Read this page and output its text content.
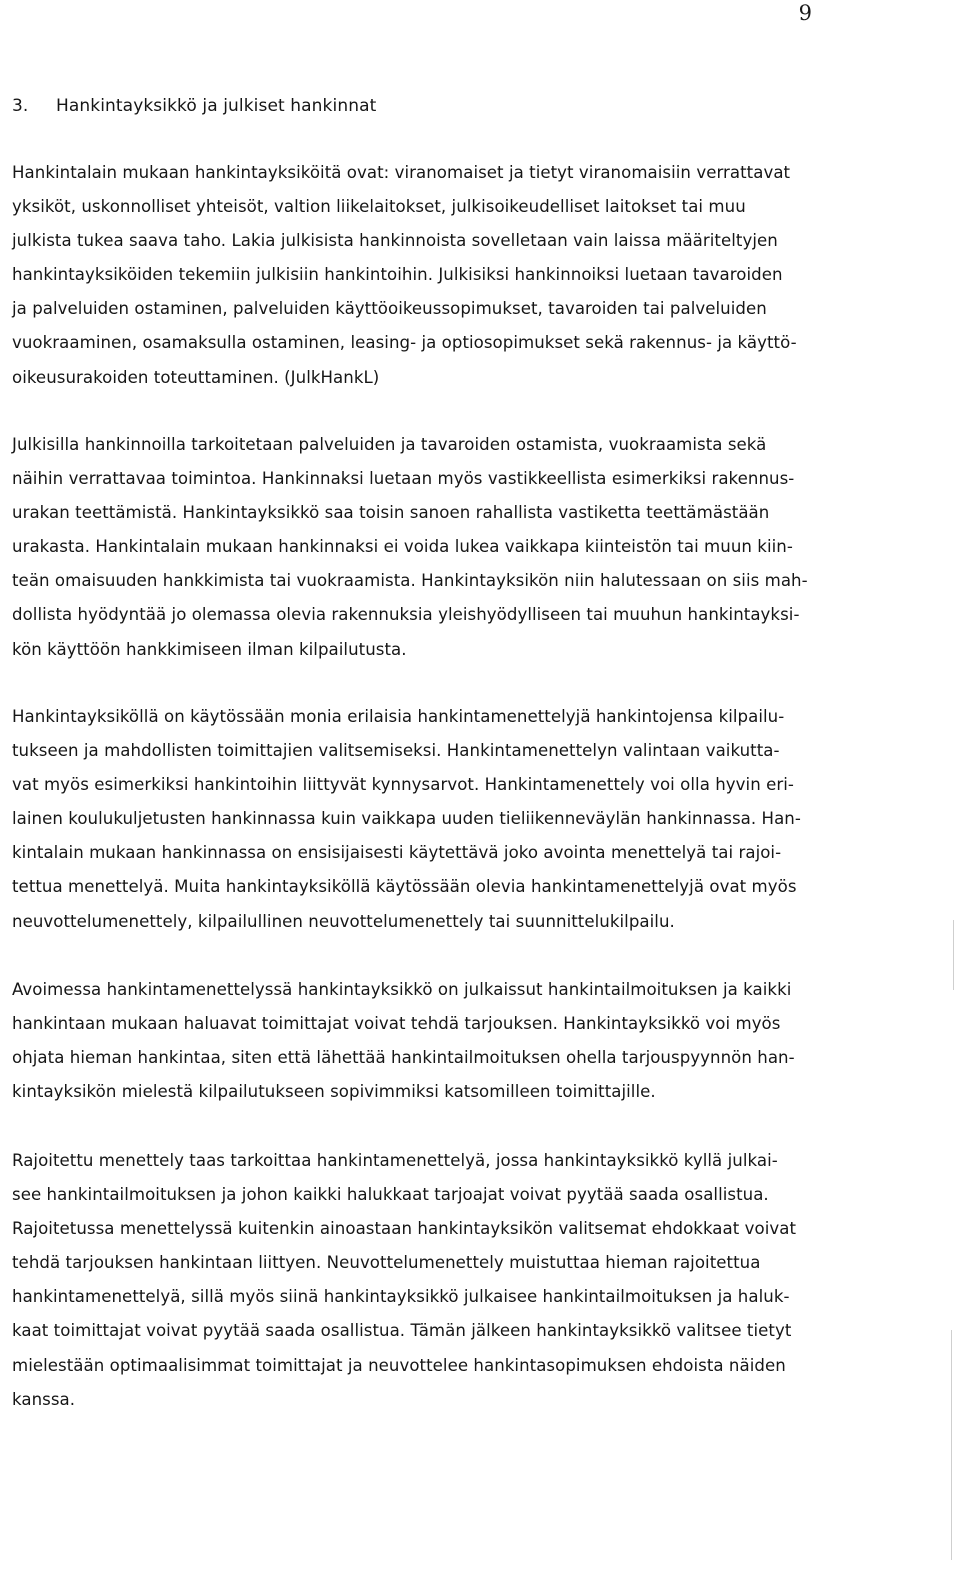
9
3. Hankintayksikkö ja julkiset hankinnat

Hankintalain mukaan hankintayksiköitä ovat: viranomaiset ja tietyt viranomaisiin verrattavat
yksiköt, uskonnolliset yhteisöt, valtion liikelaitokset, julkisoikeudelliset laitokset tai muu
julkista tukea saava taho. Lakia julkisista hankinnoista sovelletaan vain laissa määriteltyjen
hankintayksiköiden tekemiin julkisiin hankintoihin. Julkisiksi hankinnoiksi luetaan tavaroiden
ja palveluiden ostaminen, palveluiden käyttöoikeussopimukset, tavaroiden tai palveluiden
vuokraaminen, osamaksulla ostaminen, leasing- ja optiosopimukset sekä rakennus- ja käyttö-
oikeusurakoiden toteuttaminen. (JulkHankL)

Julkisilla hankinnoilla tarkoitetaan palveluiden ja tavaroiden ostamista, vuokraamista sekä
näihin verrattavaa toimintoa. Hankinnaksi luetaan myös vastikkeellista esimerkiksi rakennus-
urakan teettämistä. Hankintayksikkö saa toisin sanoen rahallista vastiketta teettämästään
urakasta. Hankintalain mukaan hankinnaksi ei voida lukea vaikkapa kiinteistön tai muun kiin-
teän omaisuuden hankkimista tai vuokraamista. Hankintayksikön niin halutessaan on siis mah-
dollista hyödyntää jo olemassa olevia rakennuksia yleishyödylliseen tai muuhun hankintayksi-
kön käyttöön hankkimiseen ilman kilpailutusta.

Hankintayksiköllä on käytössään monia erilaisia hankintamenettelyjä hankintojensa kilpailu-
tukseen ja mahdollisten toimittajien valitsemiseksi. Hankintamenettelyn valintaan vaikutta-
vat myös esimerkiksi hankintoihin liittyvät kynnysarvot. Hankintamenettely voi olla hyvin eri-
lainen koulukuljetusten hankinnassa kuin vaikkapa uuden tieliikenneväylän hankinnassa. Han-
kintalain mukaan hankinnassa on ensisijaisesti käytettävä joko avointa menettelyä tai rajoi-
tettua menettelyä. Muita hankintayksiköllä käytössään olevia hankintamenettelyjä ovat myös
neuvottelumenettely, kilpailullinen neuvottelumenettely tai suunnittelukilpailu.

Avoimessa hankintamenettelyssä hankintayksikkö on julkaissut hankintailmoituksen ja kaikki
hankintaan mukaan haluavat toimittajat voivat tehdä tarjouksen. Hankintayksikkö voi myös
ohjata hieman hankintaa, siten että lähettää hankintailmoituksen ohella tarjouspyynnön han-
kintayksikön mielestä kilpailutukseen sopivimmiksi katsomilleen toimittajille.

Rajoitettu menettely taas tarkoittaa hankintamenettelyä, jossa hankintayksikkö kyllä julkai-
see hankintailmoituksen ja johon kaikki halukkaat tarjoajat voivat pyytää saada osallistua.
Rajoitetussa menettelyssä kuitenkin ainoastaan hankintayksikön valitsemat ehdokkaat voivat
tehdä tarjouksen hankintaan liittyen. Neuvottelumenettely muistuttaa hieman rajoitettua
hankintamenettelyä, sillä myös siinä hankintayksikkö julkaisee hankintailmoituksen ja haluk-
kaat toimittajat voivat pyytää saada osallistua. Tämän jälkeen hankintayksikkö valitsee tietyt
mielestään optimaalisimmat toimittajat ja neuvottelee hankintasopimuksen ehdoista näiden
kanssa.
